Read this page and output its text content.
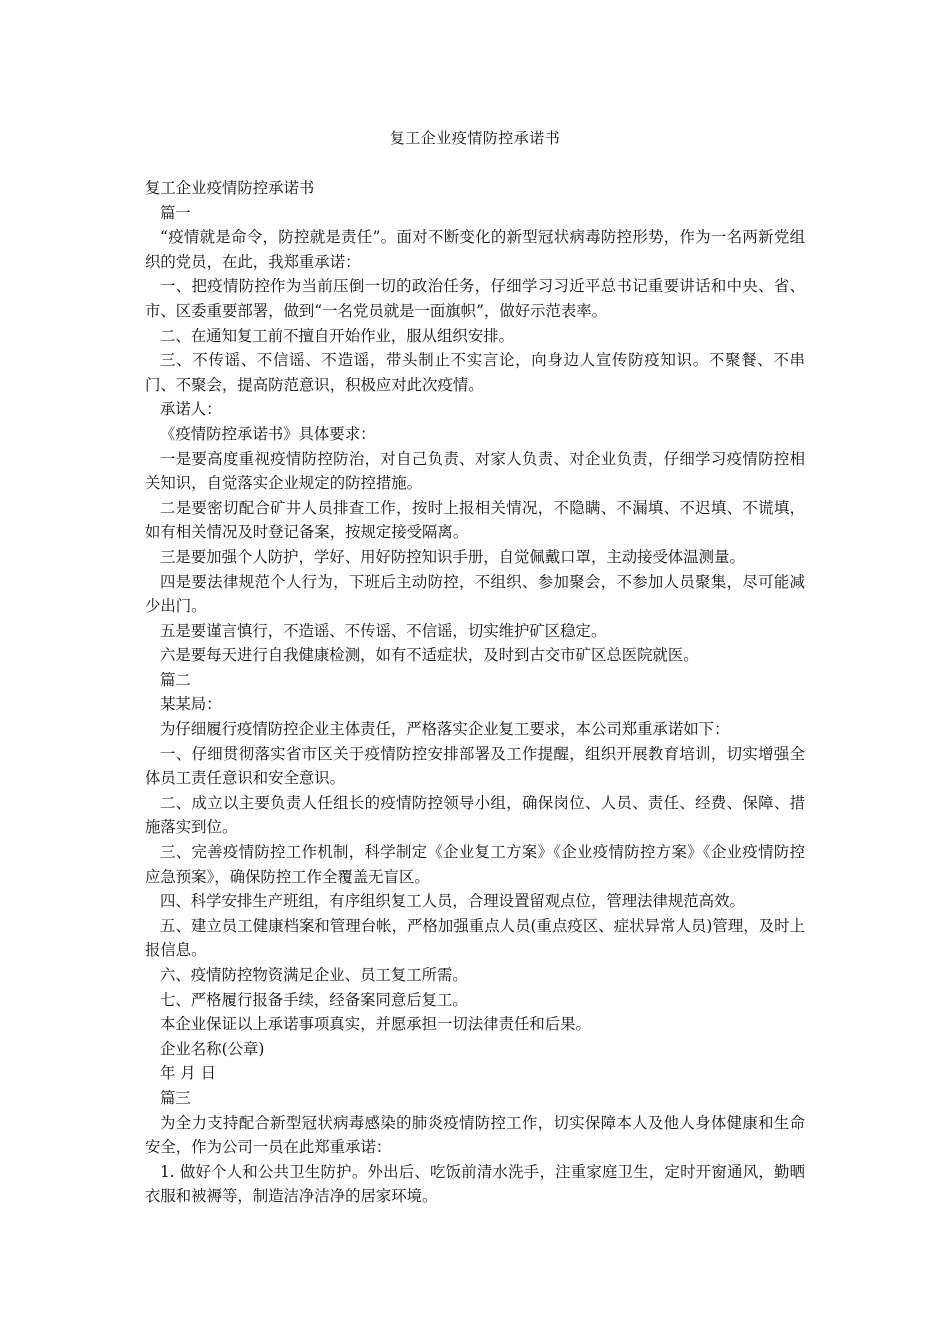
复工企业疫情防控承诺书

复工企业疫情防控承诺书

篇一

“疫情就是命令，防控就是责任”。面对不断变化的新型冠状病毒防控形势，作为一名两新党组织的党员，在此，我郑重承诺：

一、把疫情防控作为当前压倒一切的政治任务，仔细学习习近平总书记重要讲话和中央、省、市、区委重要部署，做到“一名党员就是一面旗帜”，做好示范表率。

二、在通知复工前不擅自开始作业，服从组织安排。

三、不传谣、不信谣、不造谣，带头制止不实言论，向身边人宣传防疫知识。不聚餐、不串门、不聚会，提高防范意识，积极应对此次疫情。

承诺人：

《疫情防控承诺书》具体要求：

一是要高度重视疫情防控防治，对自己负责、对家人负责、对企业负责，仔细学习疫情防控相关知识，自觉落实企业规定的防控措施。

二是要密切配合矿井人员排查工作，按时上报相关情况，不隐瞒、不漏填、不迟填、不谎填，如有相关情况及时登记备案，按规定接受隔离。

三是要加强个人防护，学好、用好防控知识手册，自觉佩戴口罩，主动接受体温测量。

四是要法律规范个人行为，下班后主动防控，不组织、参加聚会，不参加人员聚集，尽可能减少出门。

五是要谨言慎行，不造谣、不传谣、不信谣，切实维护矿区稳定。

六是要每天进行自我健康检测，如有不适症状，及时到古交市矿区总医院就医。

篇二

某某局：

为仔细履行疫情防控企业主体责任，严格落实企业复工要求，本公司郑重承诺如下：

一、仔细贯彻落实省市区关于疫情防控安排部署及工作提醒，组织开展教育培训，切实增强全体员工责任意识和安全意识。

二、成立以主要负责人任组长的疫情防控领导小组，确保岗位、人员、责任、经费、保障、措施落实到位。

三、完善疫情防控工作机制，科学制定《企业复工方案》《企业疫情防控方案》《企业疫情防控应急预案》，确保防控工作全覆盖无盲区。

四、科学安排生产班组，有序组织复工人员，合理设置留观点位，管理法律规范高效。

五、建立员工健康档案和管理台帐，严格加强重点人员(重点疫区、症状异常人员)管理，及时上报信息。

六、疫情防控物资满足企业、员工复工所需。

七、严格履行报备手续，经备案同意后复工。

本企业保证以上承诺事项真实，并愿承担一切法律责任和后果。

企业名称(公章)

年 月 日

篇三

为全力支持配合新型冠状病毒感染的肺炎疫情防控工作，切实保障本人及他人身体健康和生命安全，作为公司一员在此郑重承诺：

1. 做好个人和公共卫生防护。外出后、吃饭前清水洗手，注重家庭卫生，定时开窗通风，勤晒衣服和被褥等，制造洁净洁净的居家环境。
